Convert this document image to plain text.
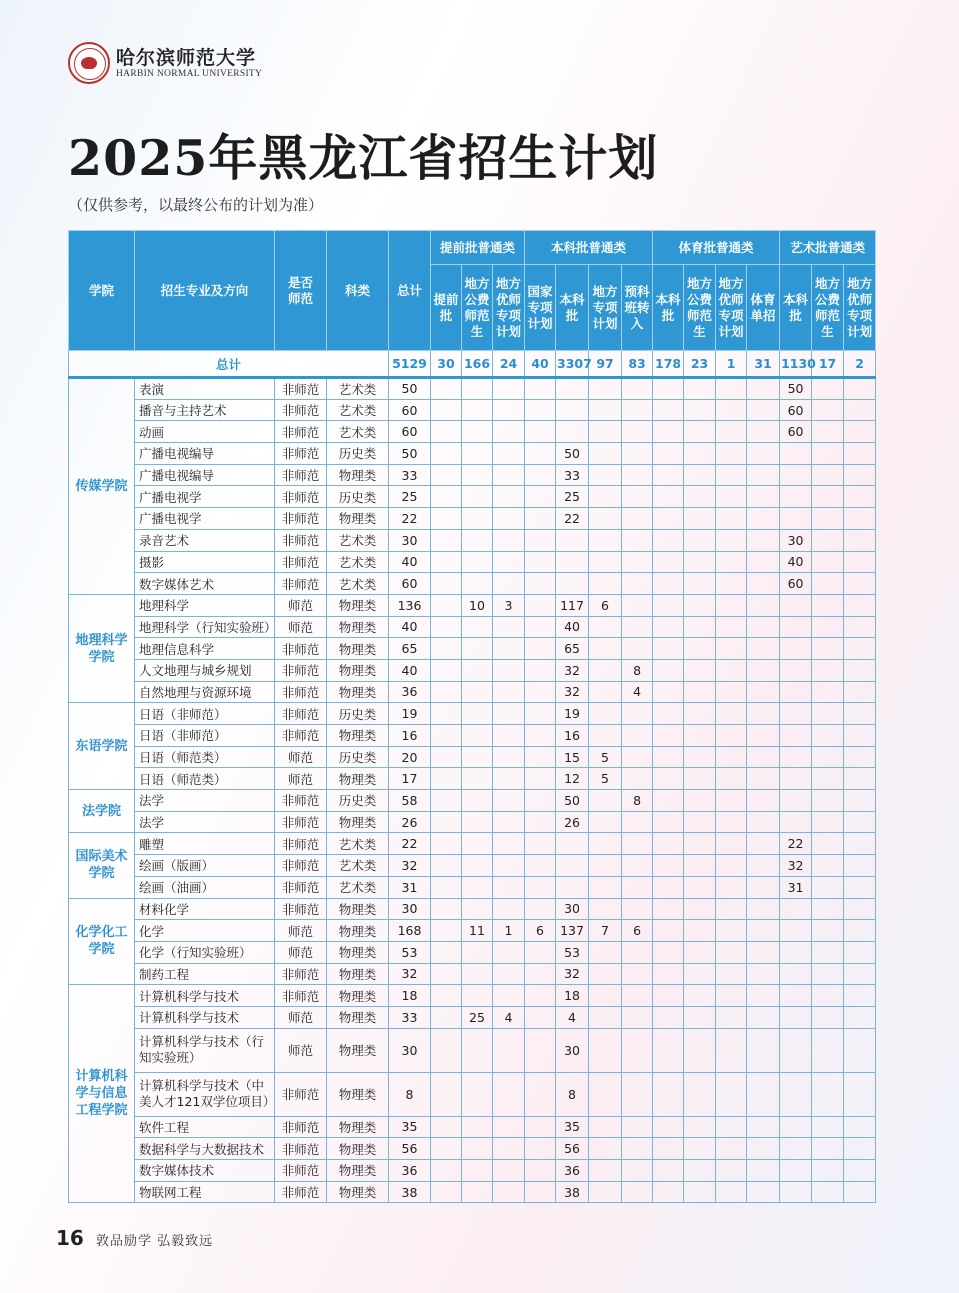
哈尔滨师范大学
HARBIN NORMAL UNIVERSITY
2025年黑龙江省招生计划
（仅供参考，以最终公布的计划为准）
学院	招生专业及方向	是否师范	科类	总计	提前批普通类			本科批普通类				体育批普通类				艺术批普通类		
					提前批	地方公费师范生	地方优师专项计划	国家专项计划	本科批	地方专项计划	预科班转入	本科批	地方公费师范生	地方优师专项计划	体育单招	本科批	地方公费师范生	地方优师专项计划
总计				5129	30	166	24	40	3307	97	83	178	23	1	31	1130	17	2
传媒学院	表演	非师范	艺术类	50												50		
	播音与主持艺术	非师范	艺术类	60												60		
	动画	非师范	艺术类	60												60		
	广播电视编导	非师范	历史类	50					50									
	广播电视编导	非师范	物理类	33					33									
	广播电视学	非师范	历史类	25					25									
	广播电视学	非师范	物理类	22					22									
	录音艺术	非师范	艺术类	30												30		
	摄影	非师范	艺术类	40												40		
	数字媒体艺术	非师范	艺术类	60												60		
地理科学学院	地理科学	师范	物理类	136		10	3		117	6								
	地理科学（行知实验班）	师范	物理类	40					40									
	地理信息科学	非师范	物理类	65					65									
	人文地理与城乡规划	非师范	物理类	40					32		8							
	自然地理与资源环境	非师范	物理类	36					32		4							
东语学院	日语（非师范）	非师范	历史类	19					19									
	日语（非师范）	非师范	物理类	16					16									
	日语（师范类）	师范	历史类	20					15	5								
	日语（师范类）	师范	物理类	17					12	5								
法学院	法学	非师范	历史类	58					50		8							
	法学	非师范	物理类	26					26									
国际美术学院	雕塑	非师范	艺术类	22												22		
	绘画（版画）	非师范	艺术类	32												32		
	绘画（油画）	非师范	艺术类	31												31		
化学化工学院	材料化学	非师范	物理类	30					30									
	化学	师范	物理类	168		11	1	6	137	7	6							
	化学（行知实验班）	师范	物理类	53					53									
	制药工程	非师范	物理类	32					32									
计算机科学与信息工程学院	计算机科学与技术	非师范	物理类	18					18									
	计算机科学与技术	师范	物理类	33		25	4		4									
	计算机科学与技术（行知实验班）	师范	物理类	30					30									
	计算机科学与技术（中美人才121双学位项目）	非师范	物理类	8					8									
	软件工程	非师范	物理类	35					35									
	数据科学与大数据技术	非师范	物理类	56					56									
	数字媒体技术	非师范	物理类	36					36									
	物联网工程	非师范	物理类	38					38									
16 敦品励学 弘毅致远
